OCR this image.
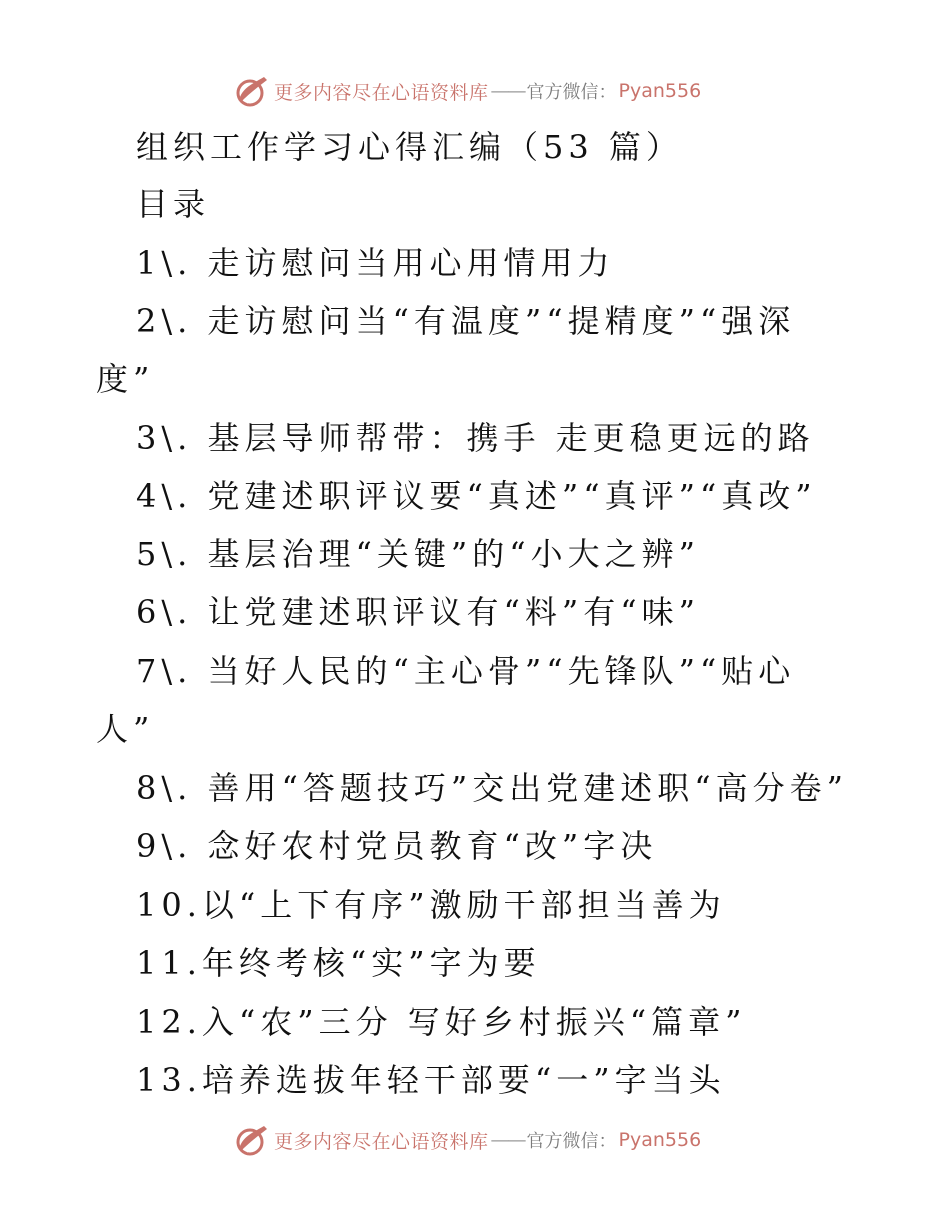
更多内容尽在心语资料库 —— 官方微信： Pyan556
组织工作学习心得汇编（53 篇）
目录
1\. 走访慰问当用心用情用力
2\. 走访慰问当“有温度”“提精度”“强深
度”
3\. 基层导师帮带：携手 走更稳更远的路
4\. 党建述职评议要“真述”“真评”“真改”
5\. 基层治理“关键”的“小大之辨”
6\. 让党建述职评议有“料”有“味”
7\. 当好人民的“主心骨”“先锋队”“贴心
人”
8\. 善用“答题技巧”交出党建述职“高分卷”
9\. 念好农村党员教育“改”字决
10.以“上下有序”激励干部担当善为
11.年终考核“实”字为要
12.入“农”三分 写好乡村振兴“篇章”
13.培养选拔年轻干部要“一”字当头
更多内容尽在心语资料库 —— 官方微信： Pyan556
